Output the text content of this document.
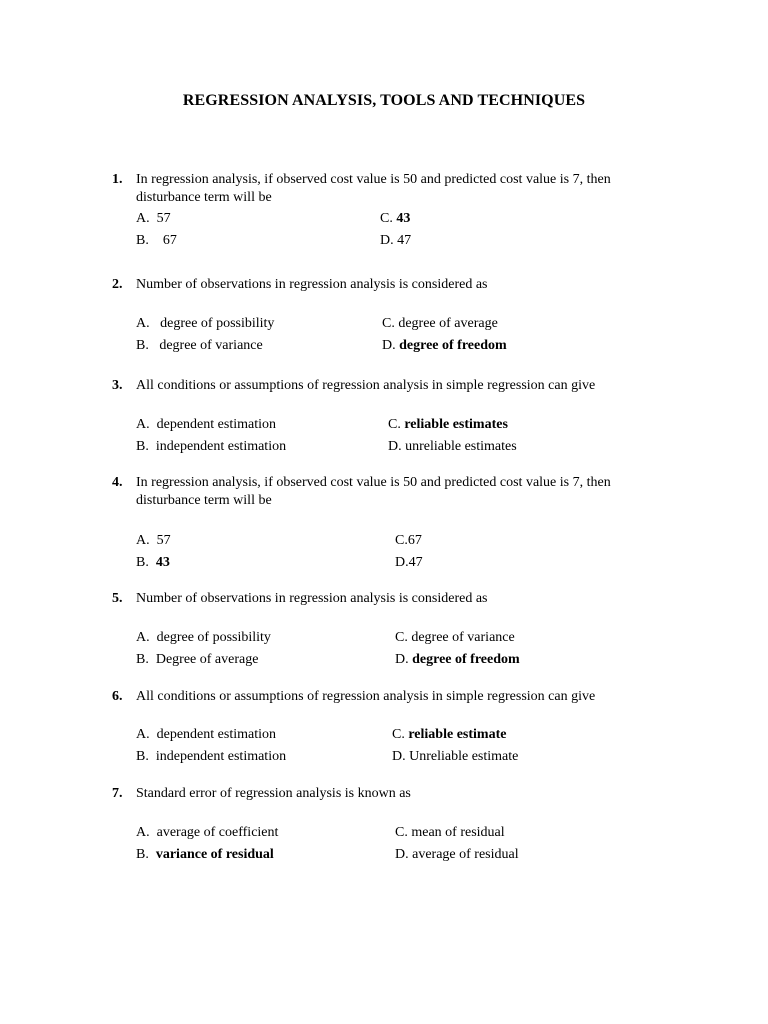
REGRESSION ANALYSIS, TOOLS AND TECHNIQUES
1. In regression analysis, if observed cost value is 50 and predicted cost value is 7, then disturbance term will be
A.  57
B.    67
C. 43
D. 47
2. Number of observations in regression analysis is considered as
A.   degree of possibility
B.   degree of variance
C. degree of average
D. degree of freedom
3. All conditions or assumptions of regression analysis in simple regression can give
A.  dependent estimation
B.  independent estimation
C. reliable estimates
D. unreliable estimates
4. In regression analysis, if observed cost value is 50 and predicted cost value is 7, then disturbance term will be
A.  57
B.  43
C.67
D.47
5. Number of observations in regression analysis is considered as
A.  degree of possibility
B.  Degree of average
C. degree of variance
D. degree of freedom
6. All conditions or assumptions of regression analysis in simple regression can give
A.  dependent estimation
B.  independent estimation
C. reliable estimate
D. Unreliable estimate
7. Standard error of regression analysis is known as
A.  average of coefficient
B.  variance of residual
C. mean of residual
D. average of residual
